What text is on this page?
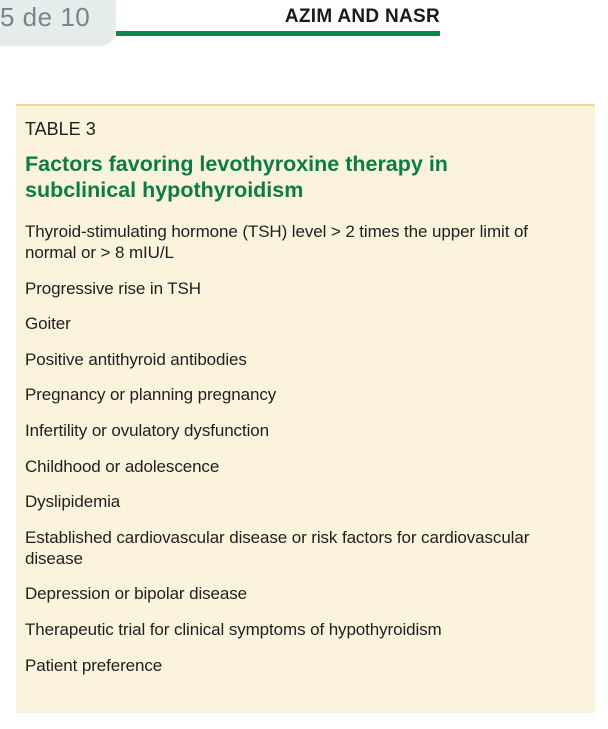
5 de 10	AZIM AND NASR
TABLE 3
Factors favoring levothyroxine therapy in subclinical hypothyroidism
Thyroid-stimulating hormone (TSH) level > 2 times the upper limit of normal or > 8 mIU/L
Progressive rise in TSH
Goiter
Positive antithyroid antibodies
Pregnancy or planning pregnancy
Infertility or ovulatory dysfunction
Childhood or adolescence
Dyslipidemia
Established cardiovascular disease or risk factors for cardiovascular disease
Depression or bipolar disease
Therapeutic trial for clinical symptoms of hypothyroidism
Patient preference
